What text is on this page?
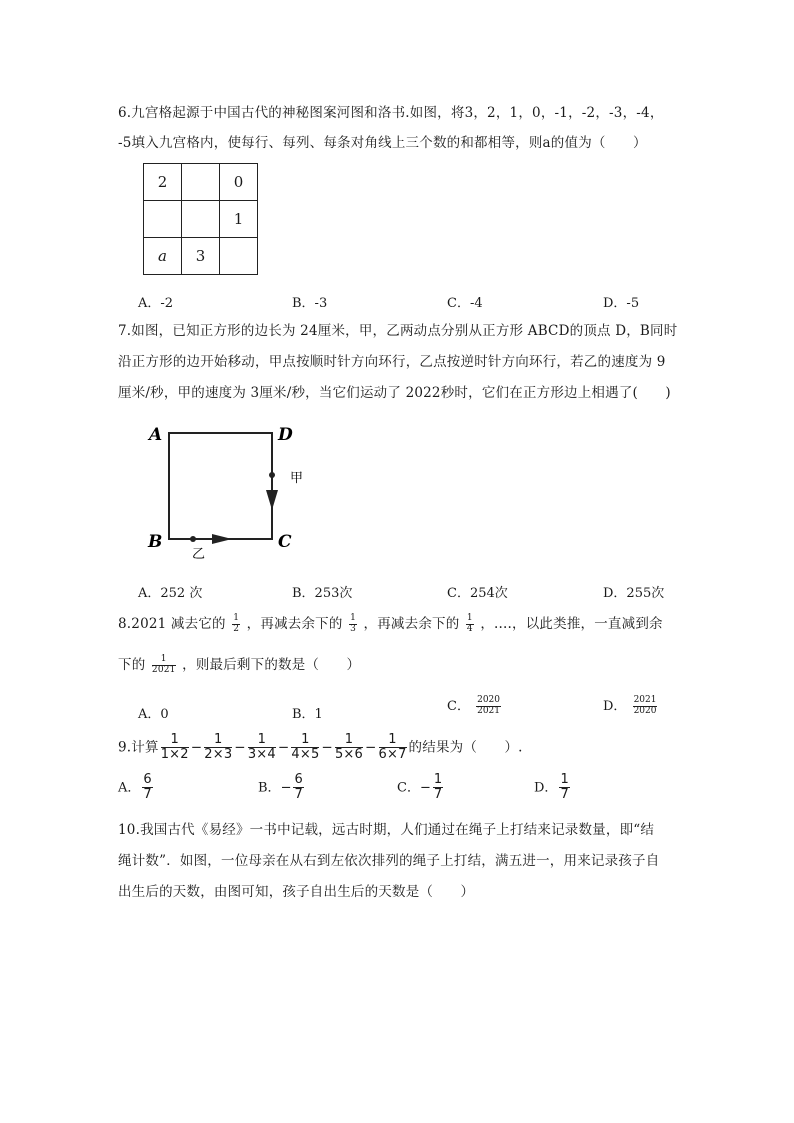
6.九宫格起源于中国古代的神秘图案河图和洛书.如图，将3，2，1，0，-1，-2，-3，-4，
-5填入九宫格内，使每行、每列、每条对角线上三个数的和都相等，则a的值为（　　）
2		0
		1
a	3	
A．-2	B．-3	C．-4	D．-5
7.如图，已知正方形的边长为 24厘米，甲，乙两动点分别从正方形 ABCD的顶点 D，B同时
沿正方形的边开始移动，甲点按顺时针方向环行，乙点按逆时针方向环行，若乙的速度为 9
厘米/秒，甲的速度为 3厘米/秒，当它们运动了 2022秒时，它们在正方形边上相遇了(　　)
A	D
B	C
甲
乙
A．252 次	B．253次	C．254次	D．255次
8.2021 减去它的 $\frac{1}{2}$ ，再减去余下的 $\frac{1}{3}$ ，再减去余下的 $\frac{1}{4}$ ，....，以此类推，一直减到余
下的 $\frac{1}{2021}$ ，则最后剩下的数是（　　）
A．0	B．1
C． $\frac{2020}{2021}$	D． $\frac{2021}{2020}$
9.计算 $\frac{1}{1\times 2} - \frac{1}{2\times 3} - \frac{1}{3\times 4} - \frac{1}{4\times 5} - \frac{1}{5\times 6} - \frac{1}{6\times 7}$ 的结果为（　　）.
A． $\frac{6}{7}$	B．− $\frac{6}{7}$	C．− $\frac{1}{7}$	D． $\frac{1}{7}$
10.我国古代《易经》一书中记载，远古时期，人们通过在绳子上打结来记录数量，即“结
绳计数”．如图，一位母亲在从右到左依次排列的绳子上打结，满五进一，用来记录孩子自
出生后的天数，由图可知，孩子自出生后的天数是（　　）
